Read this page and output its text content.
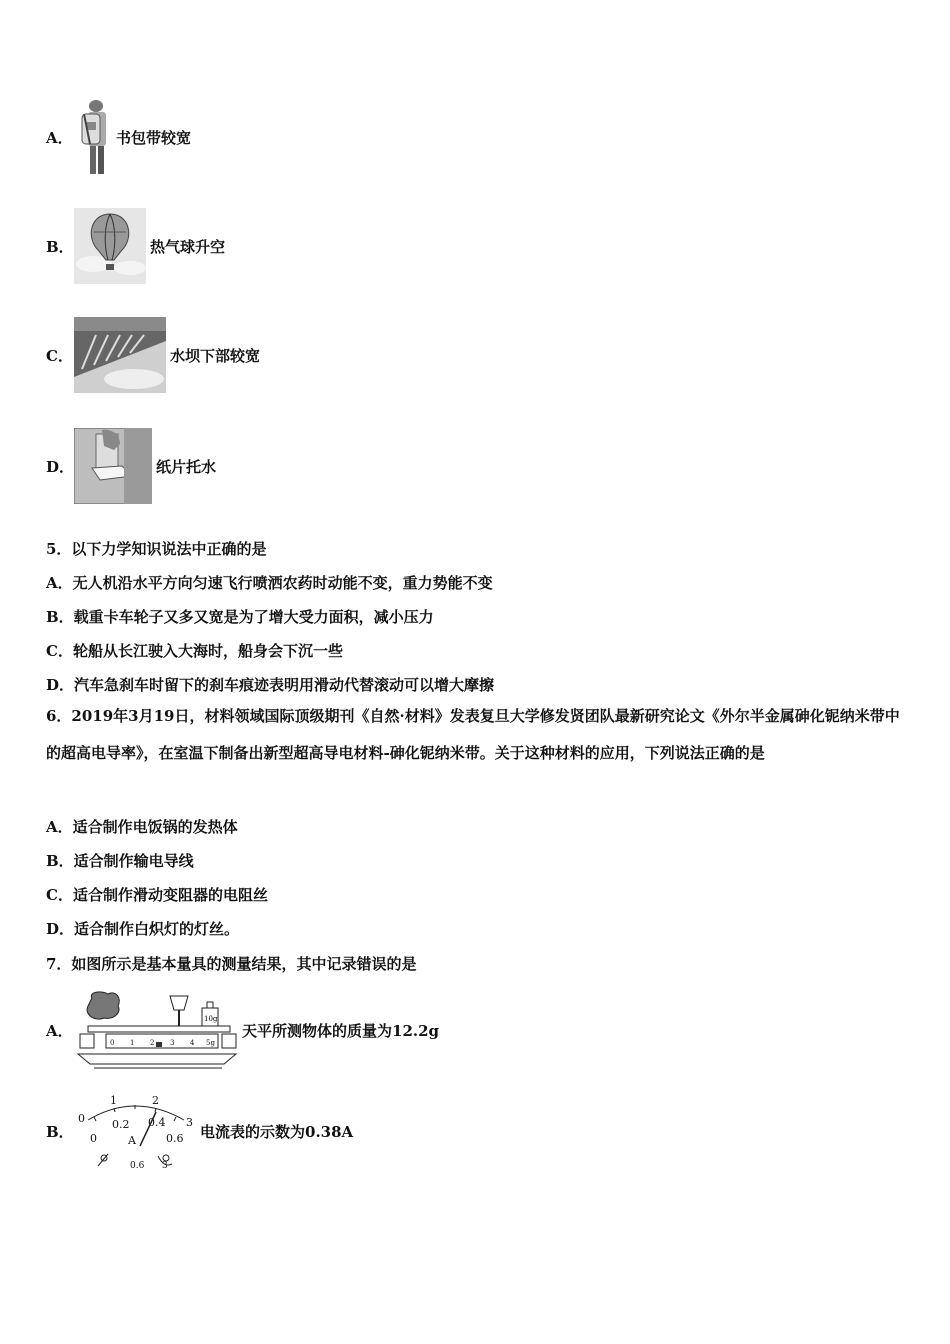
A．	书包带较宽
B．	热气球升空
C．	水坝下部较宽
D．	纸片托水
5．以下力学知识说法中正确的是
A．无人机沿水平方向匀速飞行喷洒农药时动能不变，重力势能不变
B．载重卡车轮子又多又宽是为了增大受力面积，减小压力
C．轮船从长江驶入大海时，船身会下沉一些
D．汽车急刹车时留下的刹车痕迹表明用滑动代替滚动可以增大摩擦
6．2019年3月19日，材料领域国际顶级期刊《自然·材料》发表复旦大学修发贤团队最新研究论文《外尔半金属砷化铌纳米带中的超高电导率》，在室温下制备出新型超高导电材料-砷化铌纳米带。关于这种材料的应用，下列说法正确的是
A．适合制作电饭锅的发热体
B．适合制作输电导线
C．适合制作滑动变阻器的电阻丝
D．适合制作白炽灯的灯丝。
7．如图所示是基本量具的测量结果，其中记录错误的是
A．
10g
0 1 2 3 4 5g
天平所测物体的质量为12.2g
B．
0
1	2
3
0
0.2 0.4
0.6
A
0.6 3
电流表的示数为0.38A
